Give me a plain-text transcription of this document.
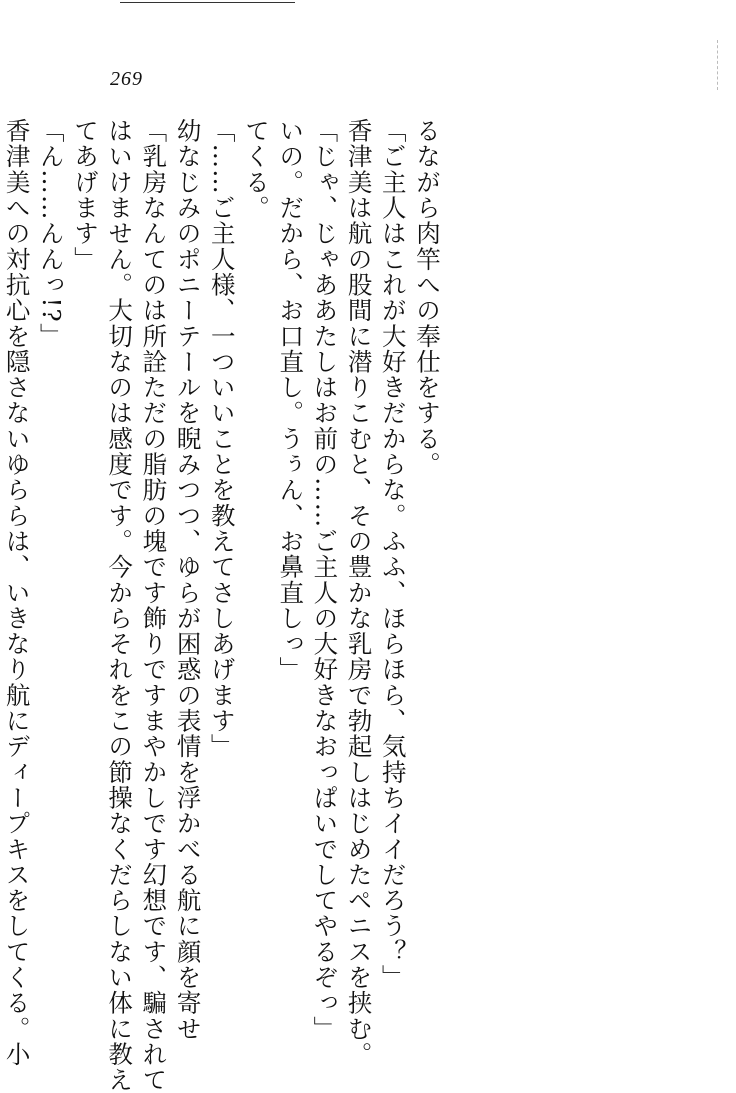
269
るながら肉竿への奉仕をする。
「ご主人はこれが大好きだからな。ふふ、ほらほら、気持ちイイだろう？」
香津美は航の股間に潜りこむと、その豊かな乳房で勃起しはじめたペニスを挟む。
「じゃ、じゃああたしはお前の……ご主人の大好きなおっぱいでしてやるぞっ」
いの。だから、お口直し。うぅん、お鼻直しっ」
てくる。
「……ご主人様、一ついいことを教えてさしあげます」
幼なじみのポニーテールを睨みつつ、ゆらが困惑の表情を浮かべる航に顔を寄せ
「乳房なんてのは所詮ただの脂肪の塊です飾りですまやかしです幻想です、騙されて
はいけません。大切なのは感度です。今からそれをこの節操なくだらしない体に教え
てあげます」
「ん……んんっ!?」
香津美への対抗心を隠さないゆららは、いきなり航にディープキスをしてくる。小
